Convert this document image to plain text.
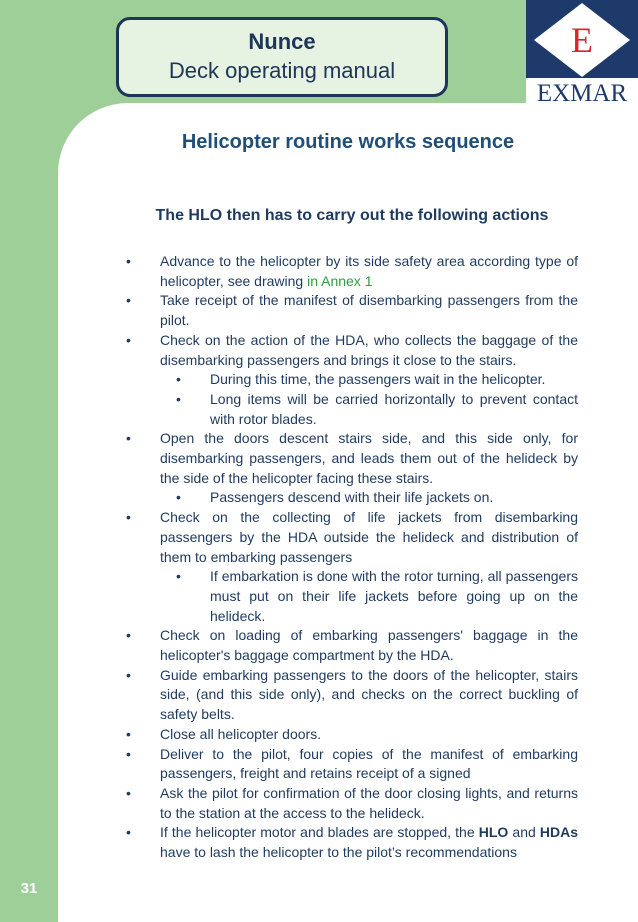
31
Nunce
Deck operating manual
E
EXMAR
Helicopter routine works sequence
The HLO then has to carry out the following actions
• Advance to the helicopter by its side safety area according type of helicopter, see drawing in Annex 1
• Take receipt of the manifest of disembarking passengers from the pilot.
• Check on the action of the HDA, who collects the baggage of the disembarking passengers and brings it close to the stairs.
• During this time, the passengers wait in the helicopter.
• Long items will be carried horizontally to prevent contact with rotor blades.
• Open the doors descent stairs side, and this side only, for disembarking passengers, and leads them out of the helideck by the side of the helicopter facing these stairs.
• Passengers descend with their life jackets on.
• Check on the collecting of life jackets from disembarking passengers by the HDA outside the helideck and distribution of them to embarking passengers
• If embarkation is done with the rotor turning, all passengers must put on their life jackets before going up on the helideck.
• Check on loading of embarking passengers' baggage in the helicopter's baggage compartment by the HDA.
• Guide embarking passengers to the doors of the helicopter, stairs side, (and this side only), and checks on the correct buckling of safety belts.
• Close all helicopter doors.
• Deliver to the pilot, four copies of the manifest of embarking passengers, freight and retains receipt of a signed
• Ask the pilot for confirmation of the door closing lights, and returns to the station at the access to the helideck.
• If the helicopter motor and blades are stopped, the HLO and HDAs have to lash the helicopter to the pilot’s recommendations
